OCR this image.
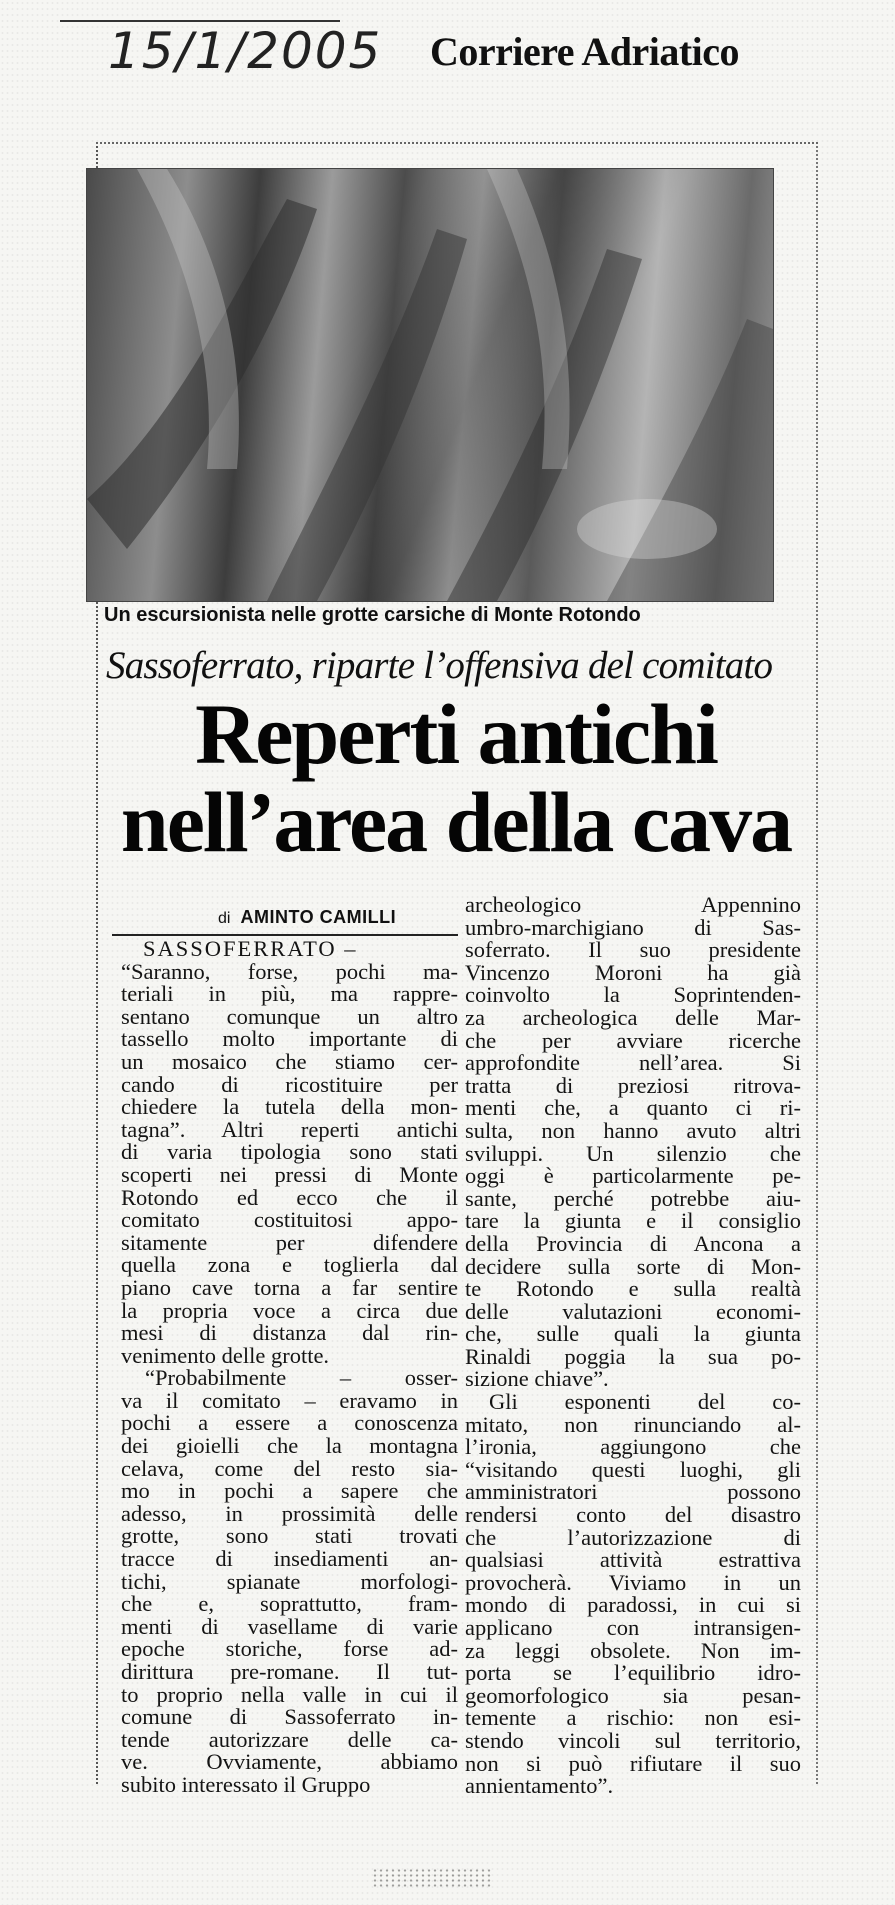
15/1/2005 Corriere Adriatico
Un escursionista nelle grotte carsiche di Monte Rotondo
Sassoferrato, riparte l’offensiva del comitato
Reperti antichi
nell’area della cava
di AMINTO CAMILLI
SASSOFERRATO –
“Saranno, forse, pochi ma-
teriali in più, ma rappre-
sentano comunque un altro
tassello molto importante di
un mosaico che stiamo cer-
cando di ricostituire per
chiedere la tutela della mon-
tagna”. Altri reperti antichi
di varia tipologia sono stati
scoperti nei pressi di Monte
Rotondo ed ecco che il
comitato costituitosi appo-
sitamente per difendere
quella zona e toglierla dal
piano cave torna a far sentire
la propria voce a circa due
mesi di distanza dal rin-
venimento delle grotte.
“Probabilmente – osser-
va il comitato – eravamo in
pochi a essere a conoscenza
dei gioielli che la montagna
celava, come del resto sia-
mo in pochi a sapere che
adesso, in prossimità delle
grotte, sono stati trovati
tracce di insediamenti an-
tichi, spianate morfologi-
che e, soprattutto, fram-
menti di vasellame di varie
epoche storiche, forse ad-
dirittura pre-romane. Il tut-
to proprio nella valle in cui il
comune di Sassoferrato in-
tende autorizzare delle ca-
ve. Ovviamente, abbiamo
subito interessato il Gruppo
archeologico Appennino
umbro-marchigiano di Sas-
soferrato. Il suo presidente
Vincenzo Moroni ha già
coinvolto la Soprintenden-
za archeologica delle Mar-
che per avviare ricerche
approfondite nell’area. Si
tratta di preziosi ritrova-
menti che, a quanto ci ri-
sulta, non hanno avuto altri
sviluppi. Un silenzio che
oggi è particolarmente pe-
sante, perché potrebbe aiu-
tare la giunta e il consiglio
della Provincia di Ancona a
decidere sulla sorte di Mon-
te Rotondo e sulla realtà
delle valutazioni economi-
che, sulle quali la giunta
Rinaldi poggia la sua po-
sizione chiave”.
Gli esponenti del co-
mitato, non rinunciando al-
l’ironia, aggiungono che
“visitando questi luoghi, gli
amministratori possono
rendersi conto del disastro
che l’autorizzazione di
qualsiasi attività estrattiva
provocherà. Viviamo in un
mondo di paradossi, in cui si
applicano con intransigen-
za leggi obsolete. Non im-
porta se l’equilibrio idro-
geomorfologico sia pesan-
temente a rischio: non esi-
stendo vincoli sul territorio,
non si può rifiutare il suo
annientamento”.
